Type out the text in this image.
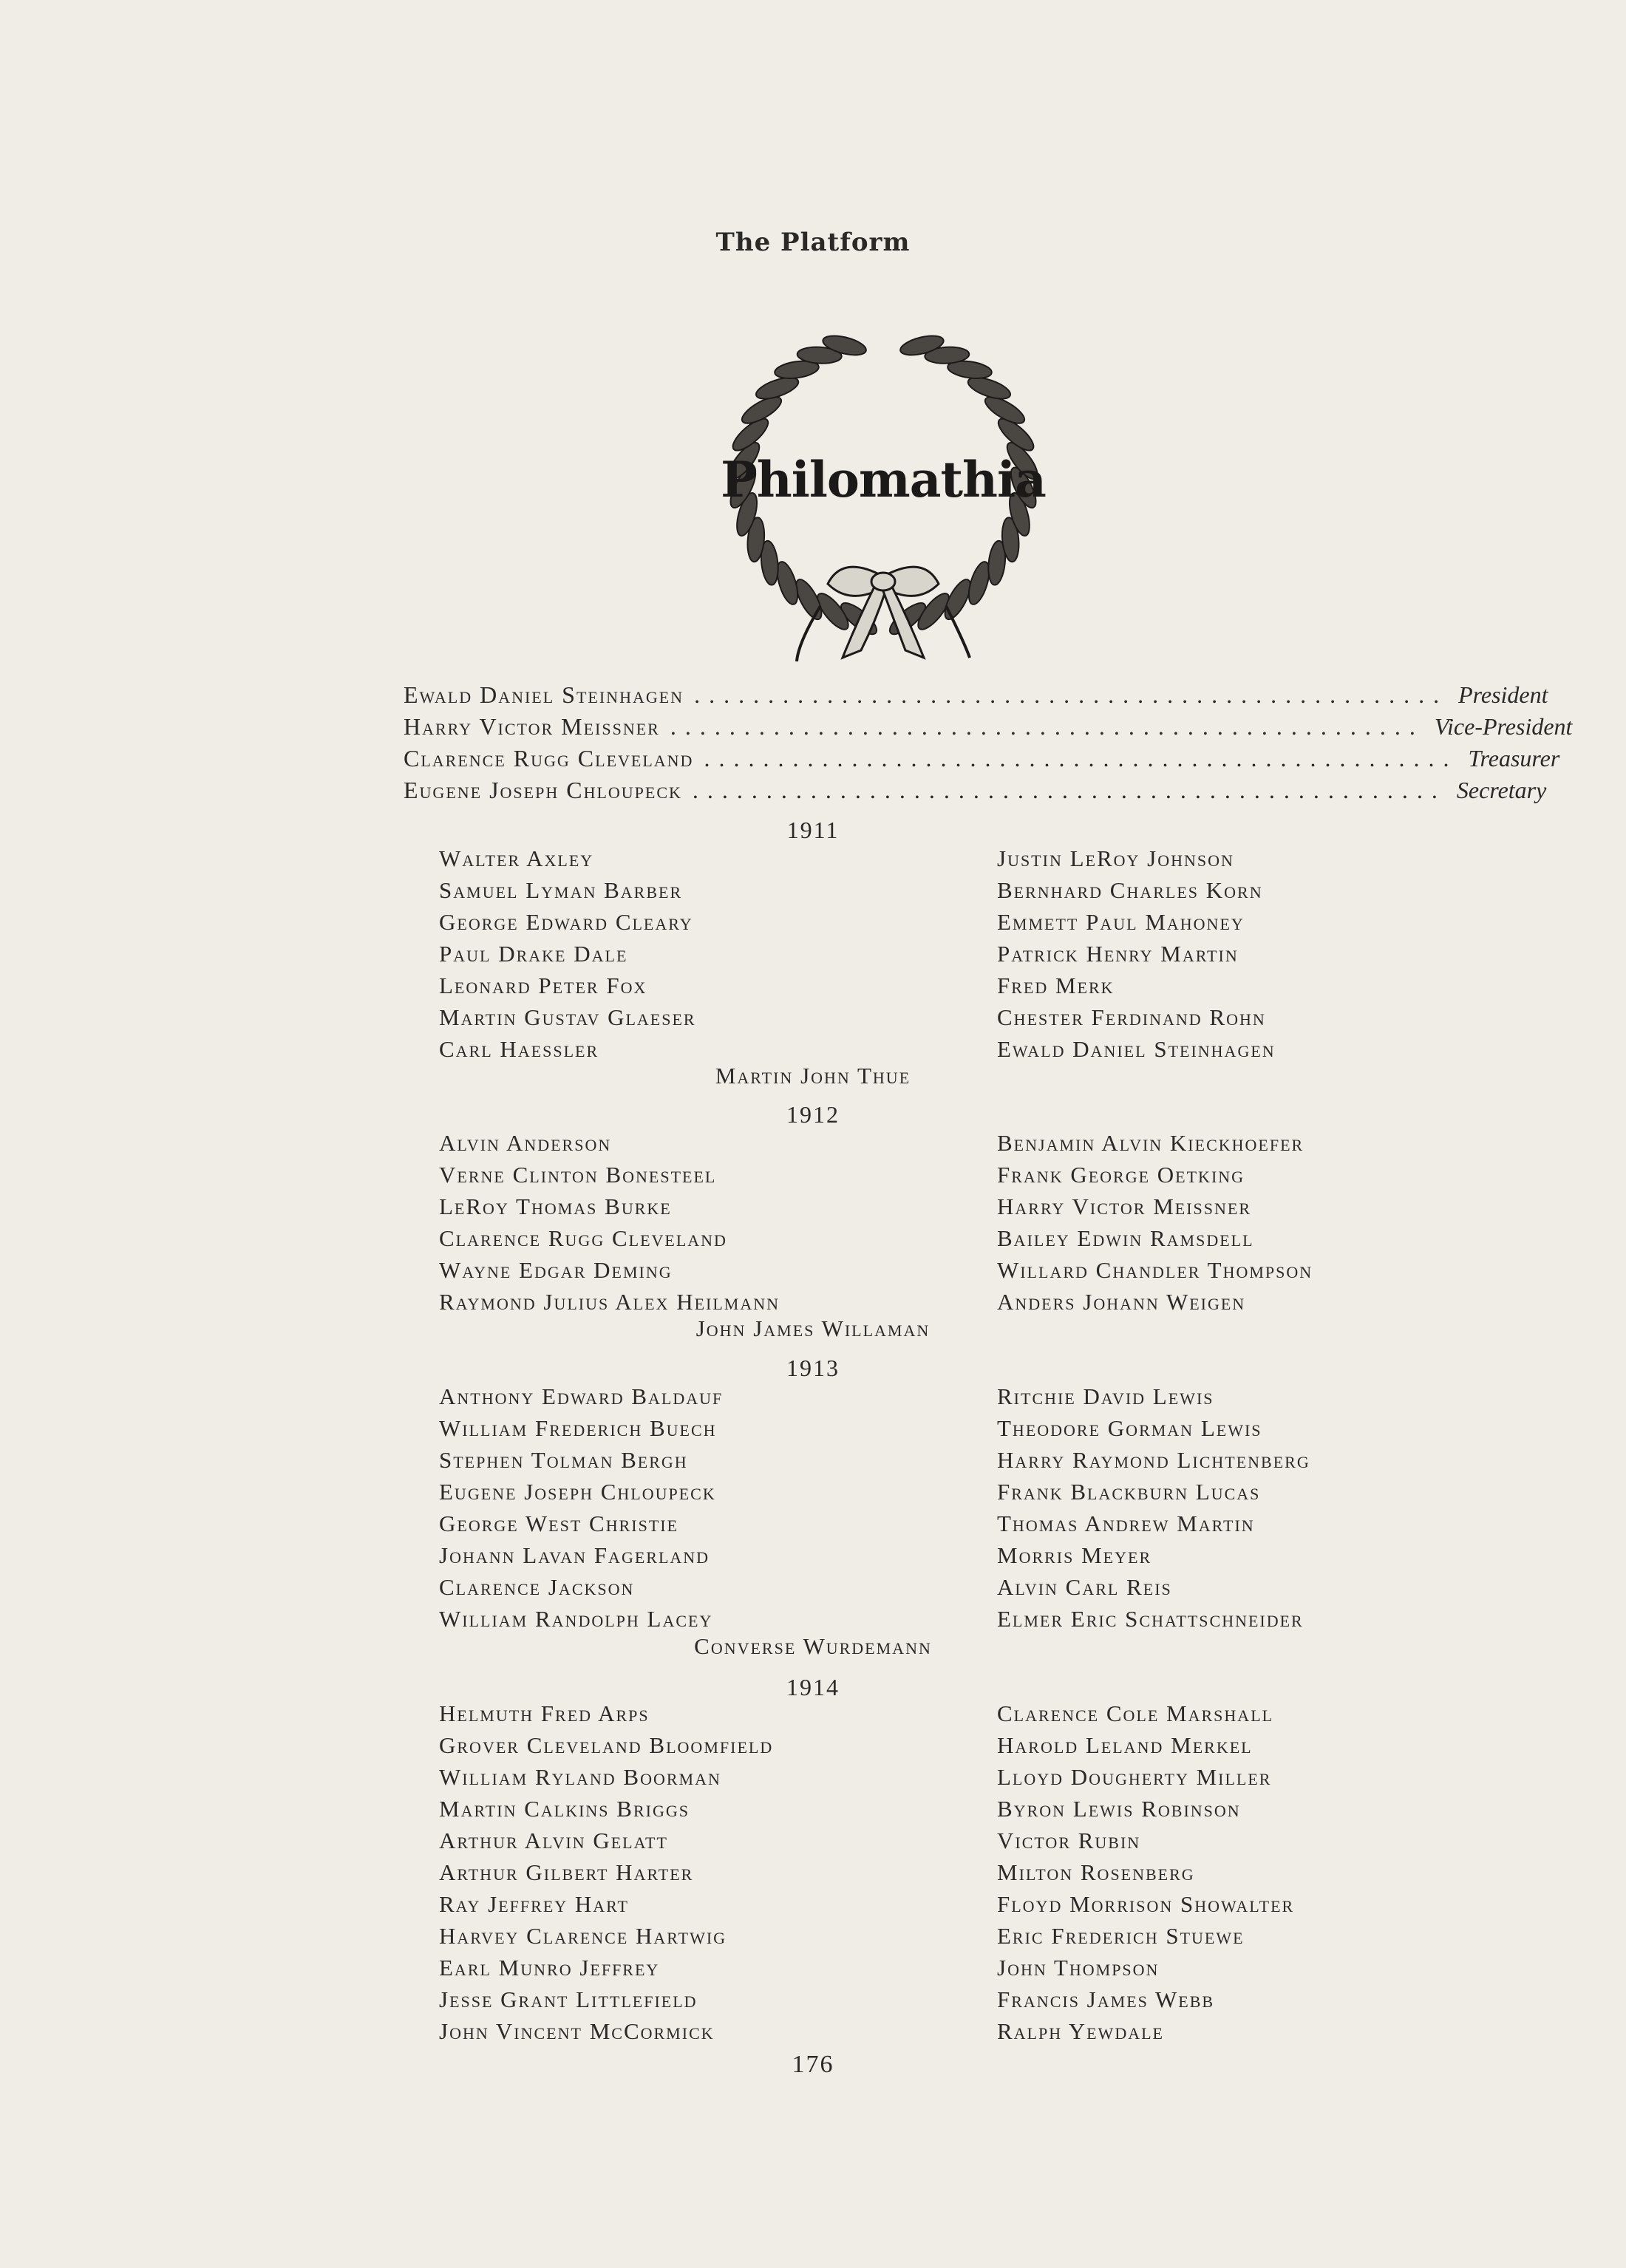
The Platform
Philomathia
Ewald Daniel Steinhagen ................................................... President
Harry Victor Meissner ................................................... Vice-President
Clarence Rugg Cleveland ................................................... Treasurer
Eugene Joseph Chloupeck ................................................... Secretary
1911
Walter Axley
Samuel Lyman Barber
George Edward Cleary
Paul Drake Dale
Leonard Peter Fox
Martin Gustav Glaeser
Carl Haessler
Justin LeRoy Johnson
Bernhard Charles Korn
Emmett Paul Mahoney
Patrick Henry Martin
Fred Merk
Chester Ferdinand Rohn
Ewald Daniel Steinhagen
Martin John Thue
1912
Alvin Anderson
Verne Clinton Bonesteel
LeRoy Thomas Burke
Clarence Rugg Cleveland
Wayne Edgar Deming
Raymond Julius Alex Heilmann
Benjamin Alvin Kieckhoefer
Frank George Oetking
Harry Victor Meissner
Bailey Edwin Ramsdell
Willard Chandler Thompson
Anders Johann Weigen
John James Willaman
1913
Anthony Edward Baldauf
William Frederich Buech
Stephen Tolman Bergh
Eugene Joseph Chloupeck
George West Christie
Johann Lavan Fagerland
Clarence Jackson
William Randolph Lacey
Ritchie David Lewis
Theodore Gorman Lewis
Harry Raymond Lichtenberg
Frank Blackburn Lucas
Thomas Andrew Martin
Morris Meyer
Alvin Carl Reis
Elmer Eric Schattschneider
Converse Wurdemann
1914
Helmuth Fred Arps
Grover Cleveland Bloomfield
William Ryland Boorman
Martin Calkins Briggs
Arthur Alvin Gelatt
Arthur Gilbert Harter
Ray Jeffrey Hart
Harvey Clarence Hartwig
Earl Munro Jeffrey
Jesse Grant Littlefield
John Vincent McCormick
Clarence Cole Marshall
Harold Leland Merkel
Lloyd Dougherty Miller
Byron Lewis Robinson
Victor Rubin
Milton Rosenberg
Floyd Morrison Showalter
Eric Frederich Stuewe
John Thompson
Francis James Webb
Ralph Yewdale
176
